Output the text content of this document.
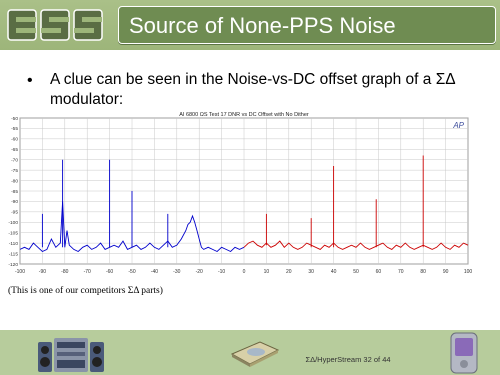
Source of None-PPS Noise
• A clue can be seen in the Noise-vs-DC offset graph of a ΣΔ modulator:
-100	-90	-80	-70	-60	-50	-40	-30	-20	-10	0	10	20	30	40	50	60	70	80	90	100
-50
-55
-60
-65
-70
-75
-80
-85
-90
-95
-100
-105
-110
-115
-120
AI 6800 ΩS Test 17 DNR vs DC Offset with No Dither
AP
(This is one of our competitors ΣΔ parts)
ΣΔ/HyperStream 32 of 44
